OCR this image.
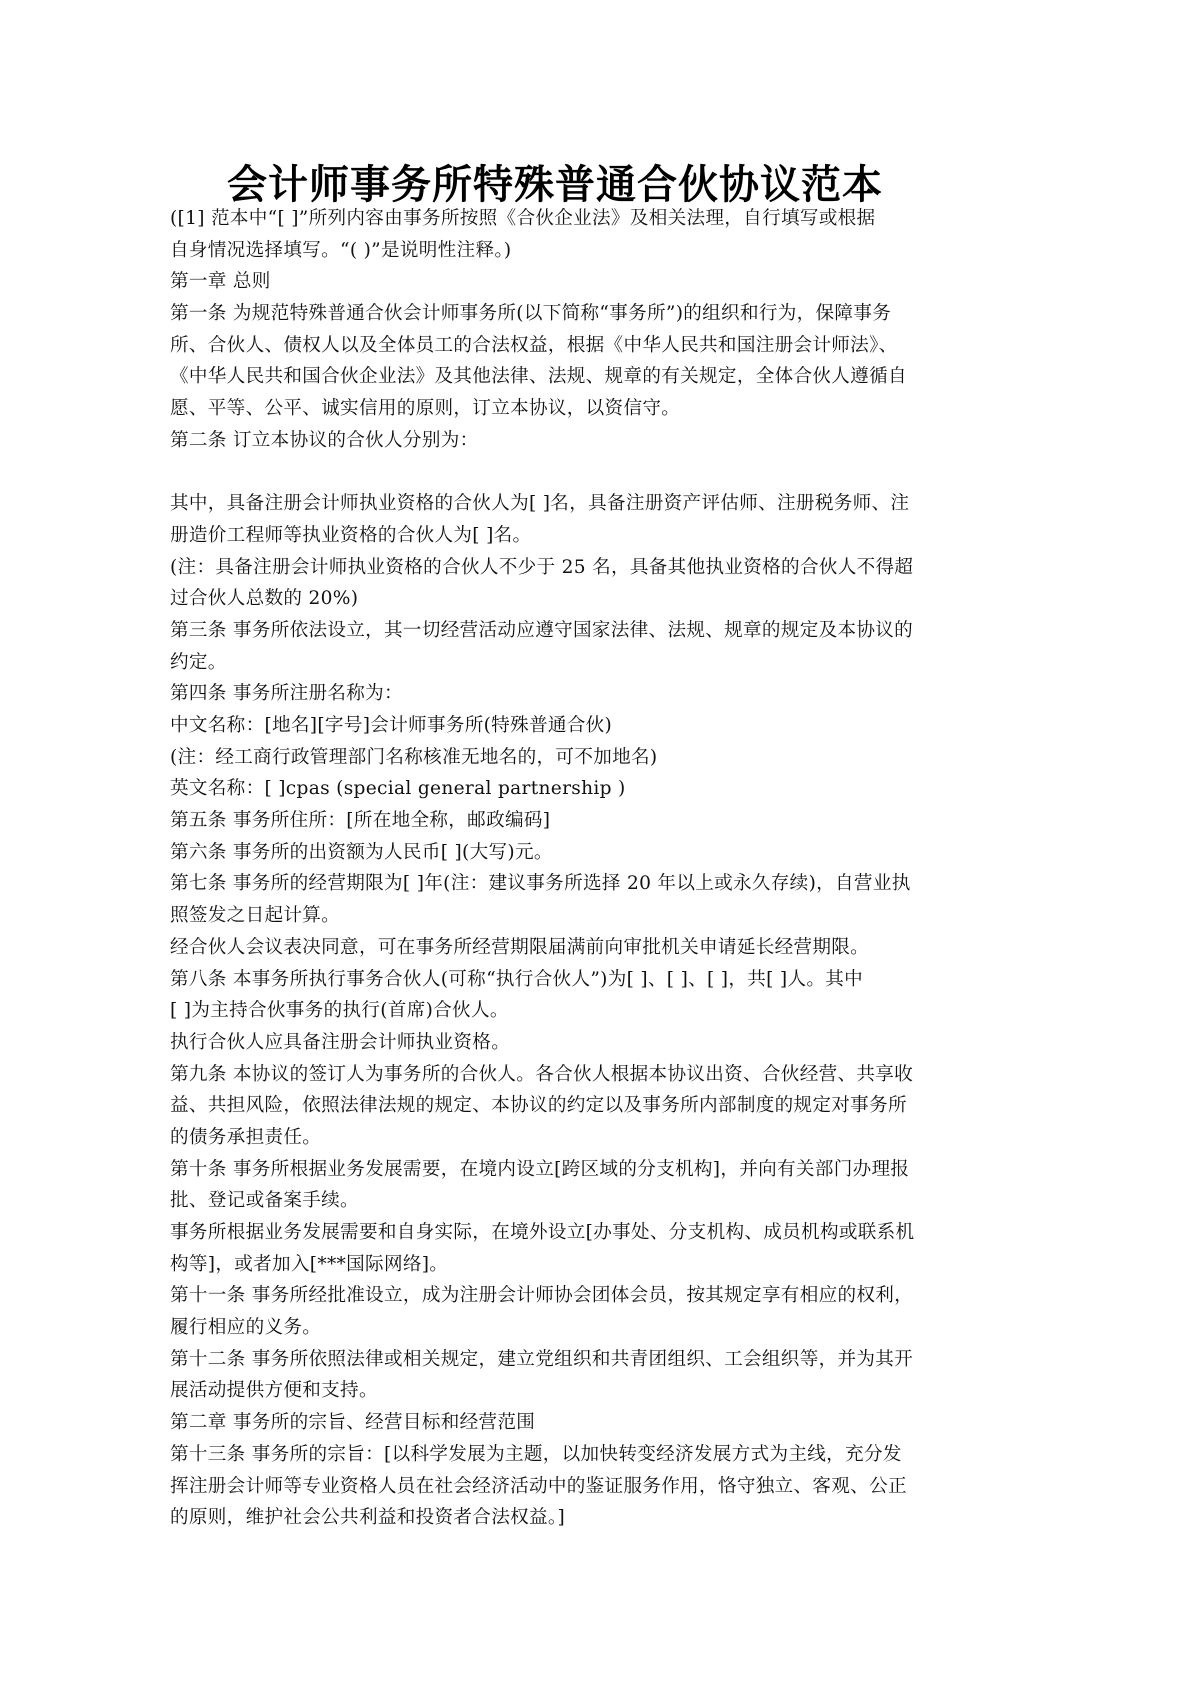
会计师事务所特殊普通合伙协议范本
([1] 范本中“[ ]”所列内容由事务所按照《合伙企业法》及相关法理，自行填写或根据
自身情况选择填写。“( )”是说明性注释。)
第一章 总则
第一条 为规范特殊普通合伙会计师事务所(以下简称“事务所”)的组织和行为，保障事务
所、合伙人、债权人以及全体员工的合法权益，根据《中华人民共和国注册会计师法》、
《中华人民共和国合伙企业法》及其他法律、法规、规章的有关规定，全体合伙人遵循自
愿、平等、公平、诚实信用的原则，订立本协议，以资信守。
第二条 订立本协议的合伙人分别为：
其中，具备注册会计师执业资格的合伙人为[ ]名，具备注册资产评估师、注册税务师、注
册造价工程师等执业资格的合伙人为[ ]名。
(注：具备注册会计师执业资格的合伙人不少于 25 名，具备其他执业资格的合伙人不得超
过合伙人总数的 20%)
第三条 事务所依法设立，其一切经营活动应遵守国家法律、法规、规章的规定及本协议的
约定。
第四条 事务所注册名称为：
中文名称：[地名][字号]会计师事务所(特殊普通合伙)
(注：经工商行政管理部门名称核准无地名的，可不加地名)
英文名称：[ ]cpas (special general partnership )
第五条 事务所住所：[所在地全称，邮政编码]
第六条 事务所的出资额为人民币[ ](大写)元。
第七条 事务所的经营期限为[ ]年(注：建议事务所选择 20 年以上或永久存续)，自营业执
照签发之日起计算。
经合伙人会议表决同意，可在事务所经营期限届满前向审批机关申请延长经营期限。
第八条 本事务所执行事务合伙人(可称“执行合伙人”)为[ ]、[ ]、[ ]，共[ ]人。其中
[ ]为主持合伙事务的执行(首席)合伙人。
执行合伙人应具备注册会计师执业资格。
第九条 本协议的签订人为事务所的合伙人。各合伙人根据本协议出资、合伙经营、共享收
益、共担风险，依照法律法规的规定、本协议的约定以及事务所内部制度的规定对事务所
的债务承担责任。
第十条 事务所根据业务发展需要，在境内设立[跨区域的分支机构]，并向有关部门办理报
批、登记或备案手续。
事务所根据业务发展需要和自身实际，在境外设立[办事处、分支机构、成员机构或联系机
构等]，或者加入[***国际网络]。
第十一条 事务所经批准设立，成为注册会计师协会团体会员，按其规定享有相应的权利，
履行相应的义务。
第十二条 事务所依照法律或相关规定，建立党组织和共青团组织、工会组织等，并为其开
展活动提供方便和支持。
第二章 事务所的宗旨、经营目标和经营范围
第十三条 事务所的宗旨：[以科学发展为主题，以加快转变经济发展方式为主线，充分发
挥注册会计师等专业资格人员在社会经济活动中的鉴证服务作用，恪守独立、客观、公正
的原则，维护社会公共利益和投资者合法权益。]
